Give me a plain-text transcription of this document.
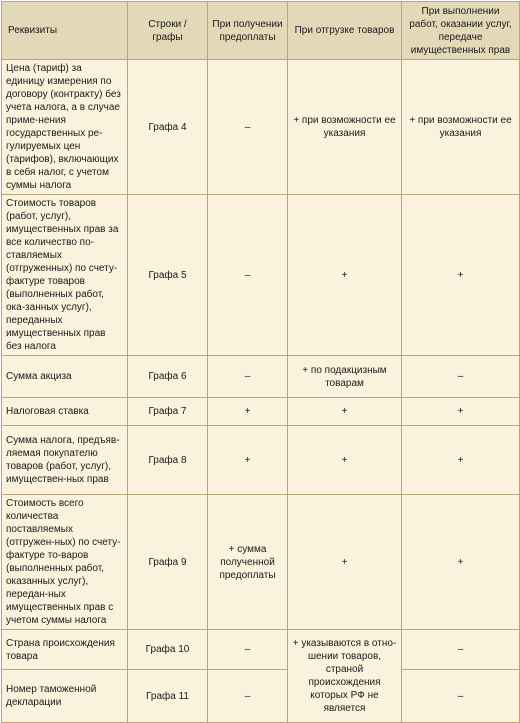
Реквизиты	Строки / графы	При получении предоплаты	При отгрузке товаров	При выполнении работ, оказании услуг, передаче имущественных прав
Цена (тариф) за единицу измерения по договору (контракту) без учета налога, а в случае приме-нения государственных ре-гулируемых цен (тарифов), включающих в себя налог, с учетом суммы налога	Графа 4	–	+ при возможности ее указания	+ при возможности ее указания
Стоимость товаров (работ, услуг), имущественных прав за все количество по-ставляемых (отгруженных) по счету-фактуре товаров (выполненных работ, ока-занных услуг), переданных имущественных прав без налога	Графа 5	–	+	+
Сумма акциза	Графа 6	–	+ по подакцизным товарам	–
Налоговая ставка	Графа 7	+	+	+
Сумма налога, предъяв-ляемая покупателю товаров (работ, услуг), имуществен-ных прав	Графа 8	+	+	+
Стоимость всего количества поставляемых (отгружен-ных) по счету-фактуре то-варов (выполненных работ, оказанных услуг), передан-ных имущественных прав с учетом суммы налога	Графа 9	+ сумма полученной предоплаты	+	+
Страна происхождения товара	Графа 10	–	+ указываются в отно-шении товаров, страной происхождения которых РФ не является	–
Номер таможенной декларации	Графа 11	–		–
